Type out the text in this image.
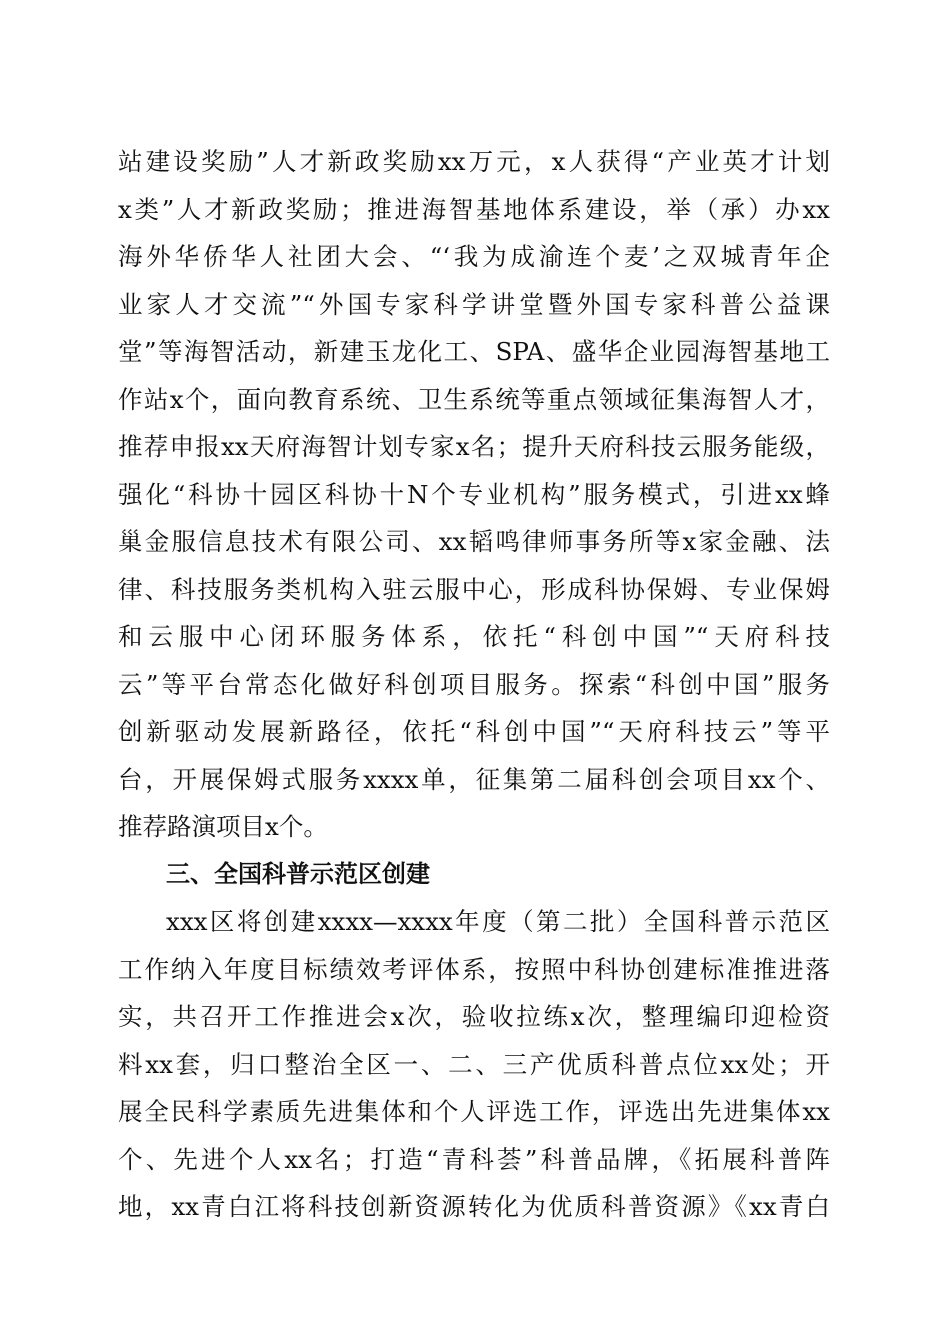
站建设奖励”人才新政奖励xx万元，x人获得“产业英才计划
x类”人才新政奖励；推进海智基地体系建设，举（承）办xx
海外华侨华人社团大会、“‘我为成渝连个麦’之双城青年企
业家人才交流”“外国专家科学讲堂暨外国专家科普公益课
堂”等海智活动，新建玉龙化工、SPA、盛华企业园海智基地工
作站x个，面向教育系统、卫生系统等重点领域征集海智人才，
推荐申报xx天府海智计划专家x名；提升天府科技云服务能级，
强化“科协十园区科协十N个专业机构”服务模式，引进xx蜂
巢金服信息技术有限公司、xx韬鸣律师事务所等x家金融、法
律、科技服务类机构入驻云服中心，形成科协保姆、专业保姆
和云服中心闭环服务体系，依托“科创中国”“天府科技
云”等平台常态化做好科创项目服务。探索“科创中国”服务
创新驱动发展新路径，依托“科创中国”“天府科技云”等平
台，开展保姆式服务xxxx单，征集第二届科创会项目xx个、
推荐路演项目x个。
三、全国科普示范区创建
xxx区将创建xxxx—xxxx年度（第二批）全国科普示范区
工作纳入年度目标绩效考评体系，按照中科协创建标准推进落
实，共召开工作推进会x次，验收拉练x次，整理编印迎检资
料xx套，归口整治全区一、二、三产优质科普点位xx处；开
展全民科学素质先进集体和个人评选工作，评选出先进集体xx
个、先进个人xx名；打造“青科荟”科普品牌，《拓展科普阵
地，xx青白江将科技创新资源转化为优质科普资源》《xx青白
